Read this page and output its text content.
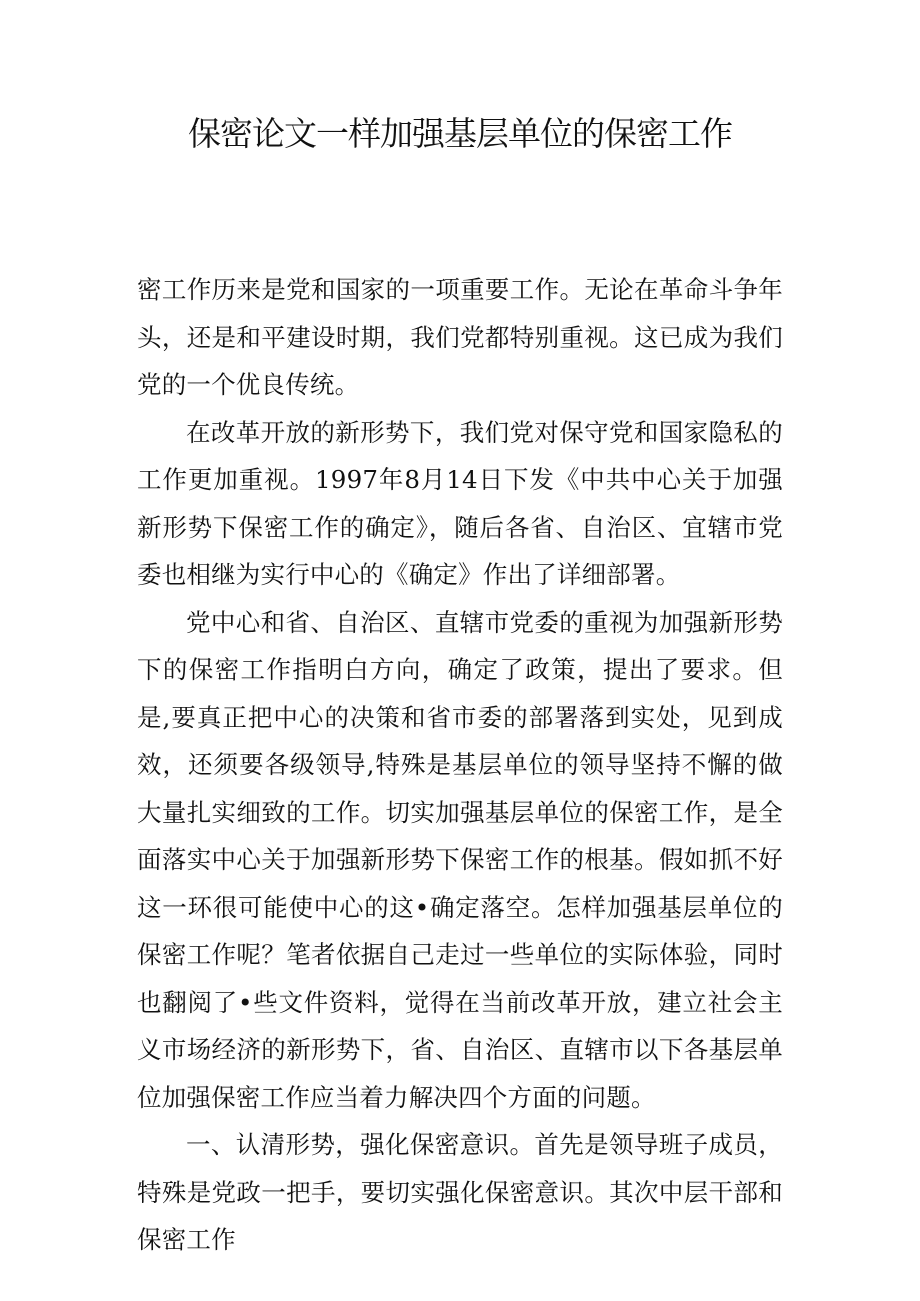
保密论文一样加强基层单位的保密工作

密工作历来是党和国家的一项重要工作。无论在革命斗争年头，还是和平建设时期，我们党都特别重视。这已成为我们党的一个优良传统。

在改革开放的新形势下，我们党对保守党和国家隐私的工作更加重视。1997年8月14日下发《中共中心关于加强新形势下保密工作的确定》，随后各省、自治区、宜辖市党委也相继为实行中心的《确定》作出了详细部署。

党中心和省、自治区、直辖市党委的重视为加强新形势下的保密工作指明白方向，确定了政策，提出了要求。但是,要真正把中心的决策和省市委的部署落到实处，见到成效，还须要各级领导,特殊是基层单位的领导坚持不懈的做大量扎实细致的工作。切实加强基层单位的保密工作，是全面落实中心关于加强新形势下保密工作的根基。假如抓不好这一环很可能使中心的这•确定落空。怎样加强基层单位的保密工作呢？笔者依据自己走过一些单位的实际体验，同时也翻阅了•些文件资料，觉得在当前改革开放，建立社会主义市场经济的新形势下，省、自治区、直辖市以下各基层单位加强保密工作应当着力解决四个方面的问题。

一、认清形势，强化保密意识。首先是领导班子成员，特殊是党政一把手，要切实强化保密意识。其次中层干部和保密工作
